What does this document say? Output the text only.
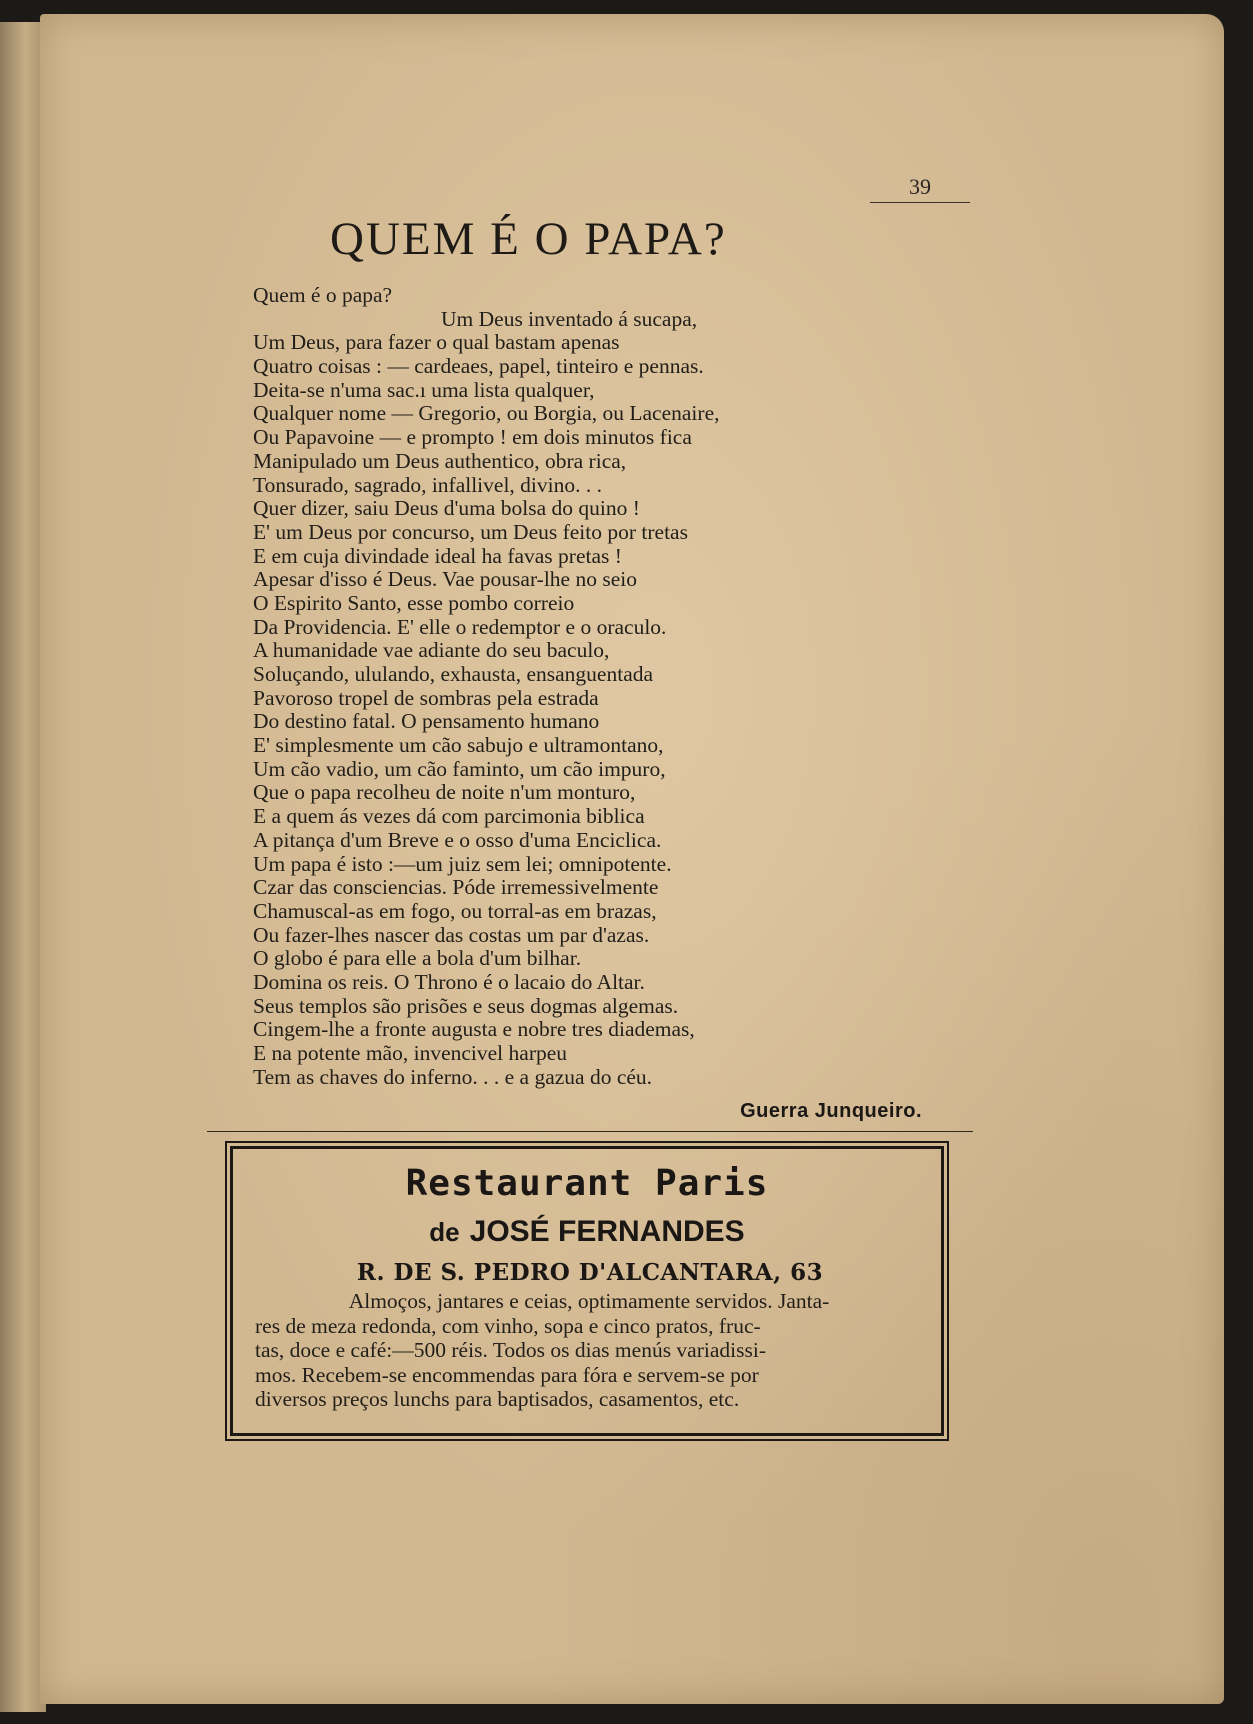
39
QUEM É O PAPA?
Quem é o papa?
Um Deus inventado á sucapa,
Um Deus, para fazer o qual bastam apenas
Quatro coisas : — cardeaes, papel, tinteiro e pennas.
Deita-se n'uma sac.ı uma lista qualquer,
Qualquer nome — Gregorio, ou Borgia, ou Lacenaire,
Ou Papavoine — e prompto ! em dois minutos fica
Manipulado um Deus authentico, obra rica,
Tonsurado, sagrado, infallivel, divino. . .
Quer dizer, saiu Deus d'uma bolsa do quino !
E' um Deus por concurso, um Deus feito por tretas
E em cuja divindade ideal ha favas pretas !
Apesar d'isso é Deus. Vae pousar-lhe no seio
O Espirito Santo, esse pombo correio
Da Providencia. E' elle o redemptor e o oraculo.
A humanidade vae adiante do seu baculo,
Soluçando, ululando, exhausta, ensanguentada
Pavoroso tropel de sombras pela estrada
Do destino fatal. O pensamento humano
E' simplesmente um cão sabujo e ultramontano,
Um cão vadio, um cão faminto, um cão impuro,
Que o papa recolheu de noite n'um monturo,
E a quem ás vezes dá com parcimonia biblica
A pitança d'um Breve e o osso d'uma Enciclica.
Um papa é isto :—um juiz sem lei; omnipotente.
Czar das consciencias. Póde irremessivelmente
Chamuscal-as em fogo, ou torral-as em brazas,
Ou fazer-lhes nascer das costas um par d'azas.
O globo é para elle a bola d'um bilhar.
Domina os reis. O Throno é o lacaio do Altar.
Seus templos são prisões e seus dogmas algemas.
Cingem-lhe a fronte augusta e nobre tres diademas,
E na potente mão, invencivel harpeu
Tem as chaves do inferno. . . e a gazua do céu.
Guerra Junqueiro.
Restaurant Paris
de JOSÉ FERNANDES
R. DE S. PEDRO D'ALCANTARA, 63
Almoços, jantares e ceias, optimamente servidos. Janta-
res de meza redonda, com vinho, sopa e cinco pratos, fruc-
tas, doce e café:—500 réis. Todos os dias menús variadissi-
mos. Recebem-se encommendas para fóra e servem-se por
diversos preços lunchs para baptisados, casamentos, etc.
